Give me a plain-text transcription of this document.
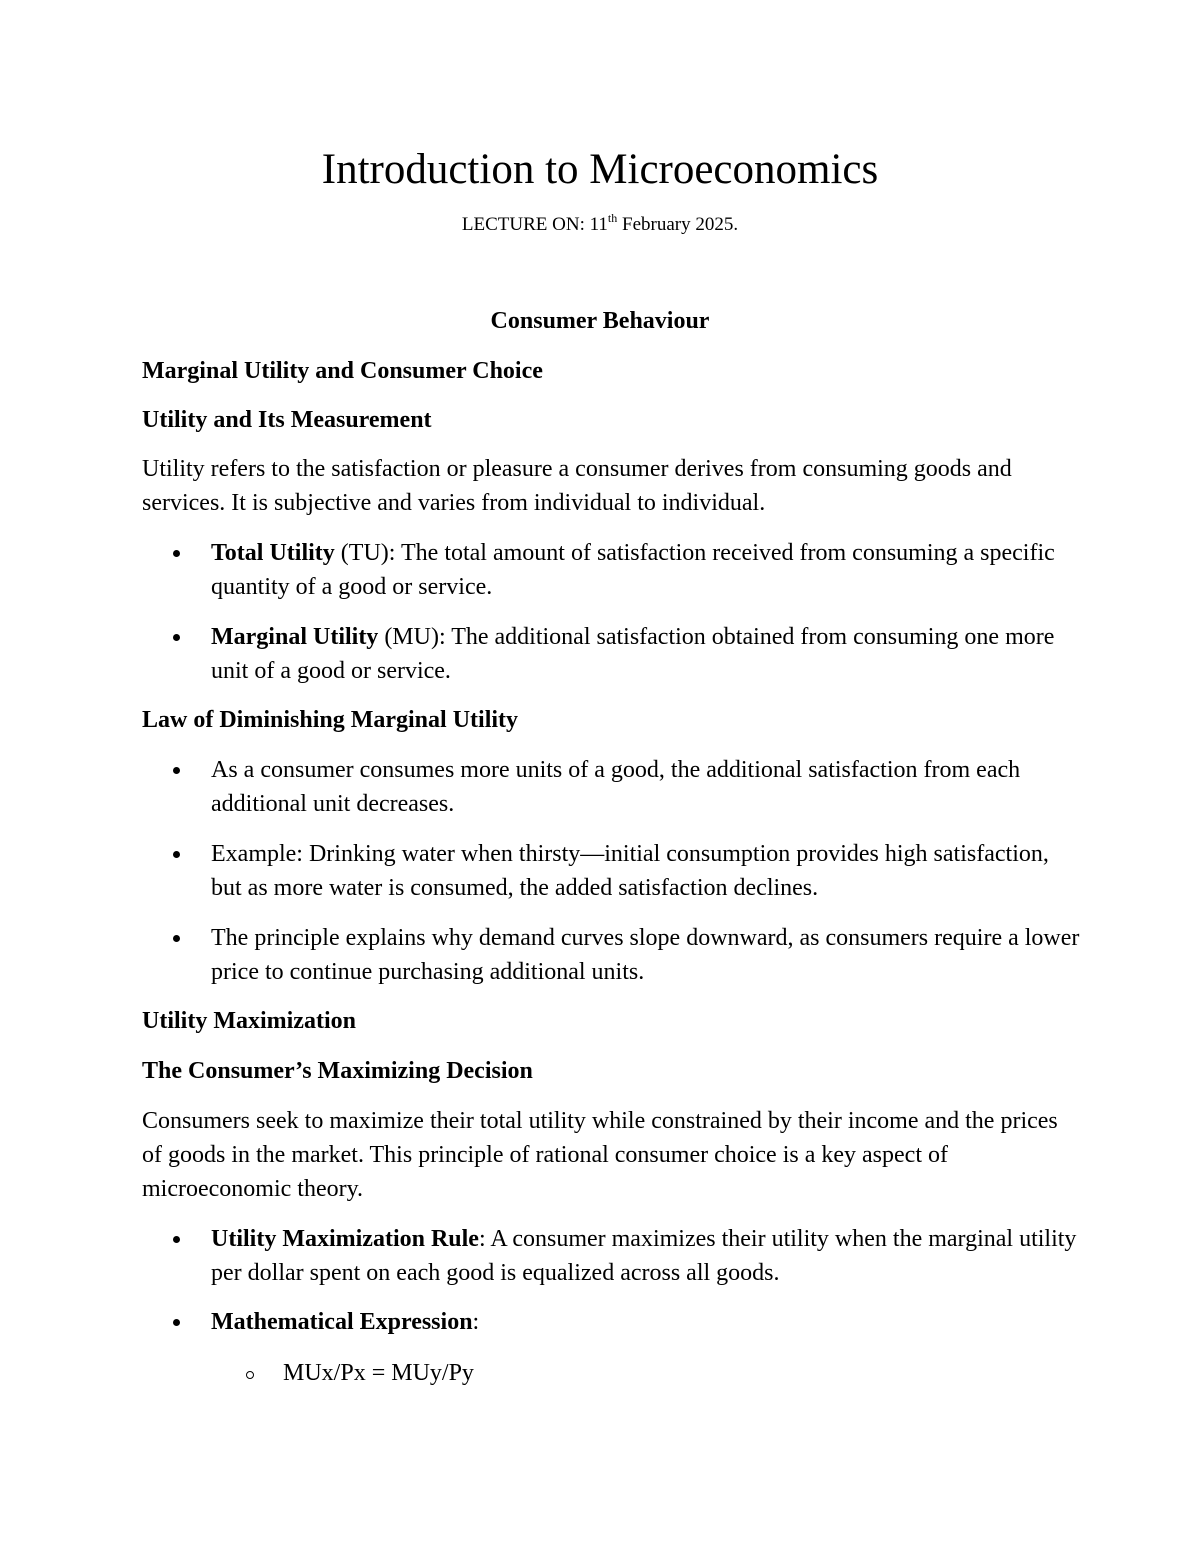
Introduction to Microeconomics
LECTURE ON: 11th February 2025.
Consumer Behaviour
Marginal Utility and Consumer Choice
Utility and Its Measurement
Utility refers to the satisfaction or pleasure a consumer derives from consuming goods and services. It is subjective and varies from individual to individual.
Total Utility (TU): The total amount of satisfaction received from consuming a specific quantity of a good or service.
Marginal Utility (MU): The additional satisfaction obtained from consuming one more unit of a good or service.
Law of Diminishing Marginal Utility
As a consumer consumes more units of a good, the additional satisfaction from each additional unit decreases.
Example: Drinking water when thirsty—initial consumption provides high satisfaction, but as more water is consumed, the added satisfaction declines.
The principle explains why demand curves slope downward, as consumers require a lower price to continue purchasing additional units.
Utility Maximization
The Consumer’s Maximizing Decision
Consumers seek to maximize their total utility while constrained by their income and the prices of goods in the market. This principle of rational consumer choice is a key aspect of microeconomic theory.
Utility Maximization Rule: A consumer maximizes their utility when the marginal utility per dollar spent on each good is equalized across all goods.
Mathematical Expression:
MUx/Px = MUy/Py
